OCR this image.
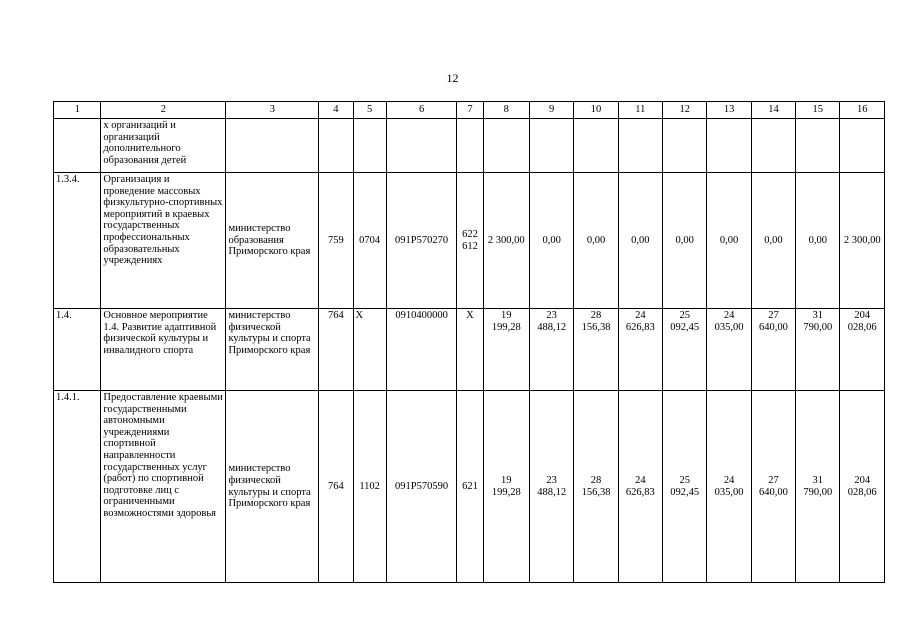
12
1	2	3	4	5	6	7	8	9	10	11	12	13	14	15	16
	х организаций и организаций дополнительного образования детей														
1.3.4.	Организация и проведение массовых физкультурно-спортивных мероприятий в краевых государственных профессиональных образовательных учреждениях	министерство образования Приморского края	759	0704	091P570270	622 612	2 300,00	0,00	0,00	0,00	0,00	0,00	0,00	0,00	2 300,00
1.4.	Основное мероприятие 1.4. Развитие адаптивной физической культуры и инвалидного спорта	министерство физической культуры и спорта Приморского края	764	X	0910400000	X	19 199,28	23 488,12	28 156,38	24 626,83	25 092,45	24 035,00	27 640,00	31 790,00	204 028,06
1.4.1.	Предоставление краевыми государственными автономными учреждениями спортивной направленности государственных услуг (работ) по спортивной подготовке лиц с ограниченными возможностями здоровья	министерство физической культуры и спорта Приморского края	764	1102	091P570590	621	19 199,28	23 488,12	28 156,38	24 626,83	25 092,45	24 035,00	27 640,00	31 790,00	204 028,06
